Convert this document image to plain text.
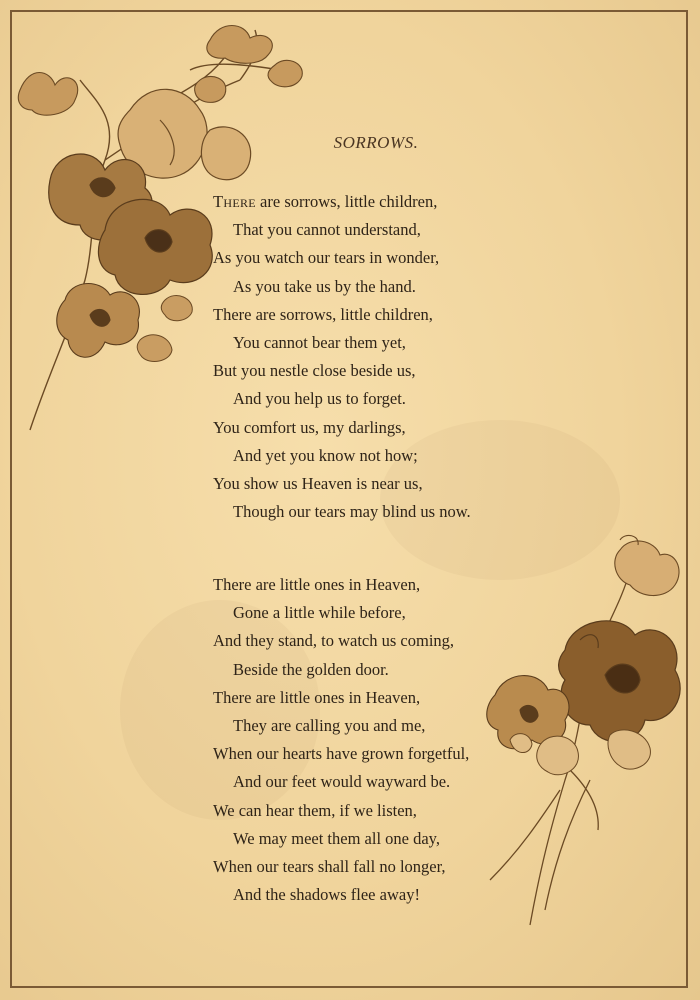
SORROWS.
There are sorrows, little children,
That you cannot understand,
As you watch our tears in wonder,
As you take us by the hand.
There are sorrows, little children,
You cannot bear them yet,
But you nestle close beside us,
And you help us to forget.
You comfort us, my darlings,
And yet you know not how;
You show us Heaven is near us,
Though our tears may blind us now.
There are little ones in Heaven,
Gone a little while before,
And they stand, to watch us coming,
Beside the golden door.
There are little ones in Heaven,
They are calling you and me,
When our hearts have grown forgetful,
And our feet would wayward be.
We can hear them, if we listen,
We may meet them all one day,
When our tears shall fall no longer,
And the shadows flee away!
